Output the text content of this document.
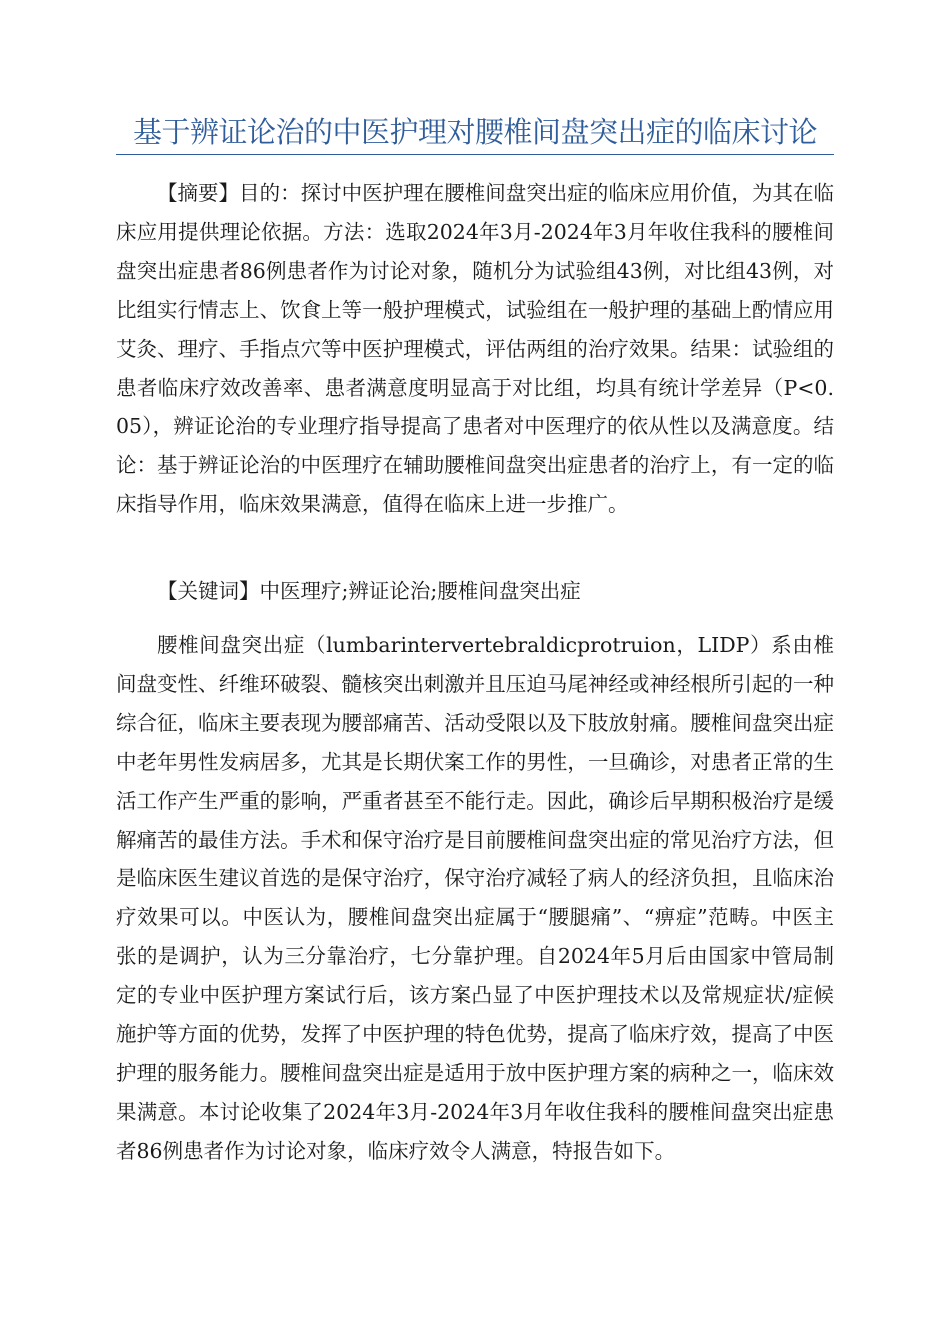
基于辨证论治的中医护理对腰椎间盘突出症的临床讨论

【摘要】目的：探讨中医护理在腰椎间盘突出症的临床应用价值，为其在临床应用提供理论依据。方法：选取2024年3月-2024年3月年收住我科的腰椎间盘突出症患者86例患者作为讨论对象，随机分为试验组43例，对比组43例，对比组实行情志上、饮食上等一般护理模式，试验组在一般护理的基础上酌情应用艾灸、理疗、手指点穴等中医护理模式，评估两组的治疗效果。结果：试验组的患者临床疗效改善率、患者满意度明显高于对比组，均具有统计学差异（P<0.05），辨证论治的专业理疗指导提高了患者对中医理疗的依从性以及满意度。结论：基于辨证论治的中医理疗在辅助腰椎间盘突出症患者的治疗上，有一定的临床指导作用，临床效果满意，值得在临床上进一步推广。

【关键词】中医理疗;辨证论治;腰椎间盘突出症

腰椎间盘突出症（lumbarintervertebraldicprotruion，LIDP）系由椎间盘变性、纤维环破裂、髓核突出刺激并且压迫马尾神经或神经根所引起的一种综合征，临床主要表现为腰部痛苦、活动受限以及下肢放射痛。腰椎间盘突出症中老年男性发病居多，尤其是长期伏案工作的男性，一旦确诊，对患者正常的生活工作产生严重的影响，严重者甚至不能行走。因此，确诊后早期积极治疗是缓解痛苦的最佳方法。手术和保守治疗是目前腰椎间盘突出症的常见治疗方法，但是临床医生建议首选的是保守治疗，保守治疗减轻了病人的经济负担，且临床治疗效果可以。中医认为，腰椎间盘突出症属于“腰腿痛”、“痹症”范畴。中医主张的是调护，认为三分靠治疗，七分靠护理。自2024年5月后由国家中管局制定的专业中医护理方案试行后，该方案凸显了中医护理技术以及常规症状/症候施护等方面的优势，发挥了中医护理的特色优势，提高了临床疗效，提高了中医护理的服务能力。腰椎间盘突出症是适用于放中医护理方案的病种之一，临床效果满意。本讨论收集了2024年3月-2024年3月年收住我科的腰椎间盘突出症患者86例患者作为讨论对象，临床疗效令人满意，特报告如下。
